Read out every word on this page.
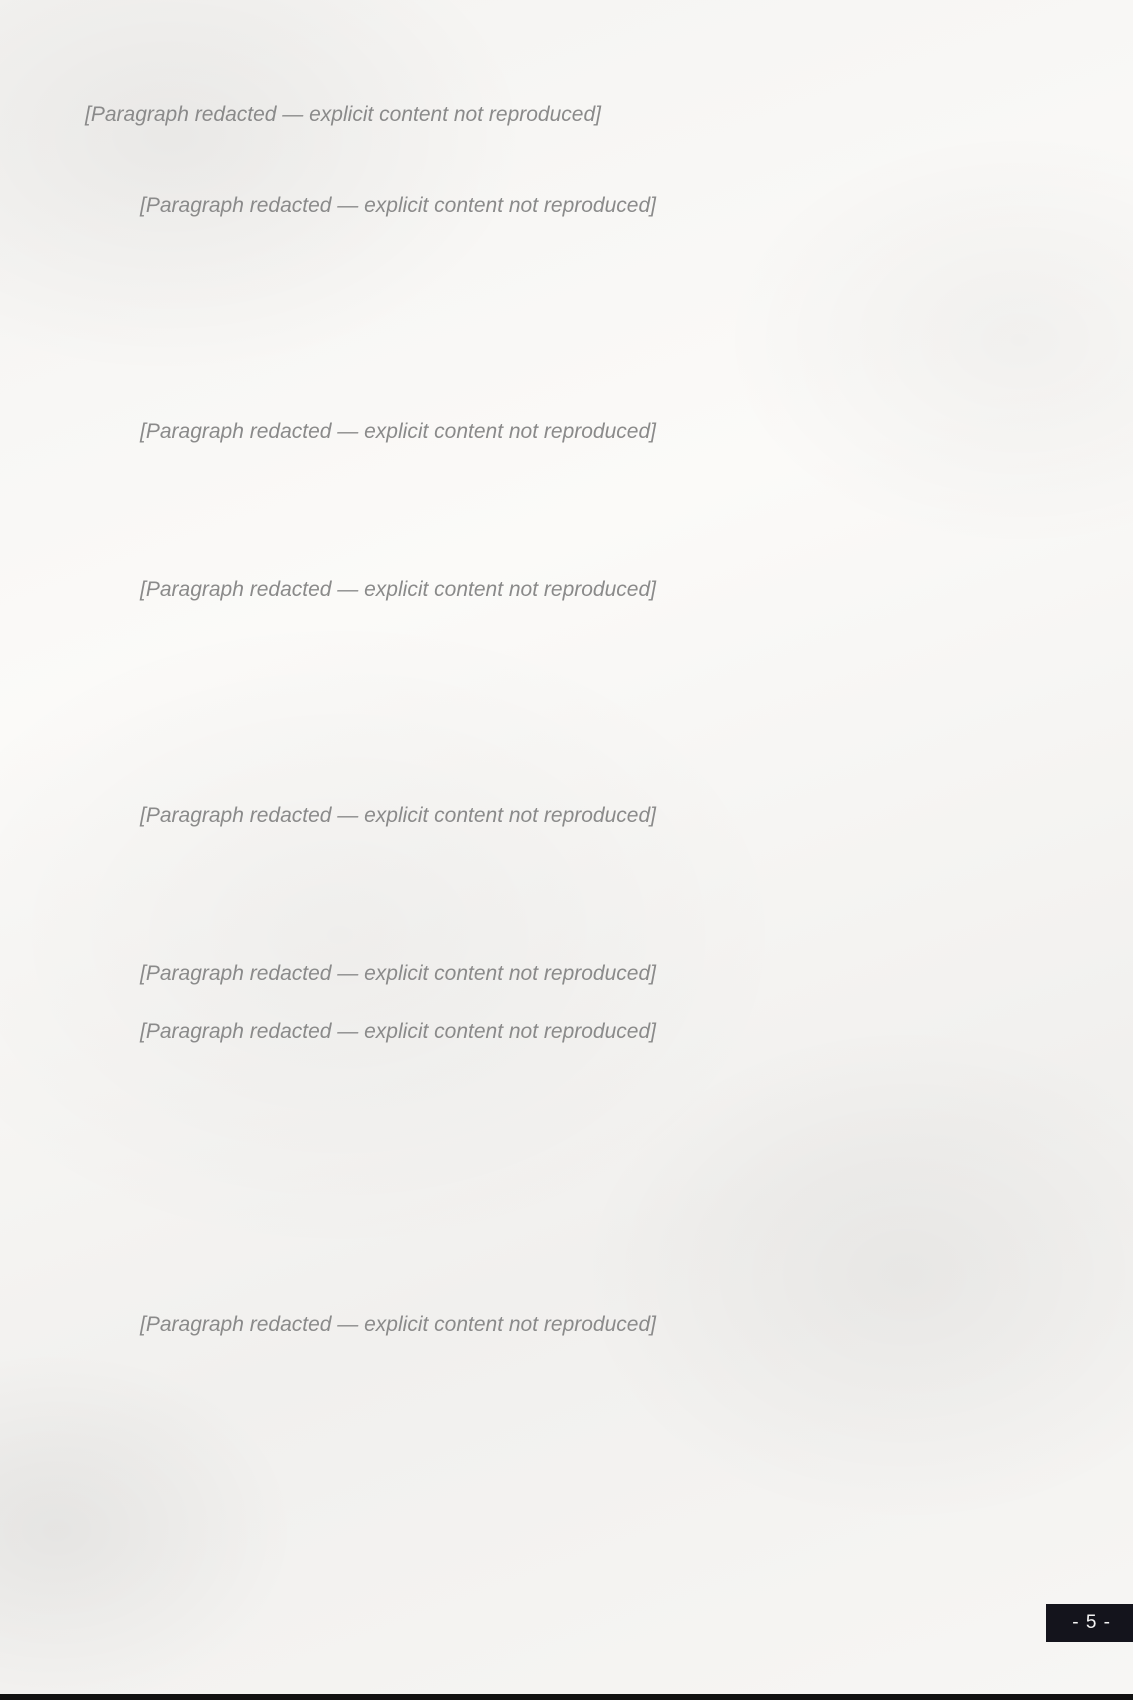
[Paragraph redacted — explicit content not reproduced]

[Paragraph redacted — explicit content not reproduced]

[Paragraph redacted — explicit content not reproduced]

[Paragraph redacted — explicit content not reproduced]

[Paragraph redacted — explicit content not reproduced]

[Paragraph redacted — explicit content not reproduced]

[Paragraph redacted — explicit content not reproduced]

[Paragraph redacted — explicit content not reproduced]

- 5 -
